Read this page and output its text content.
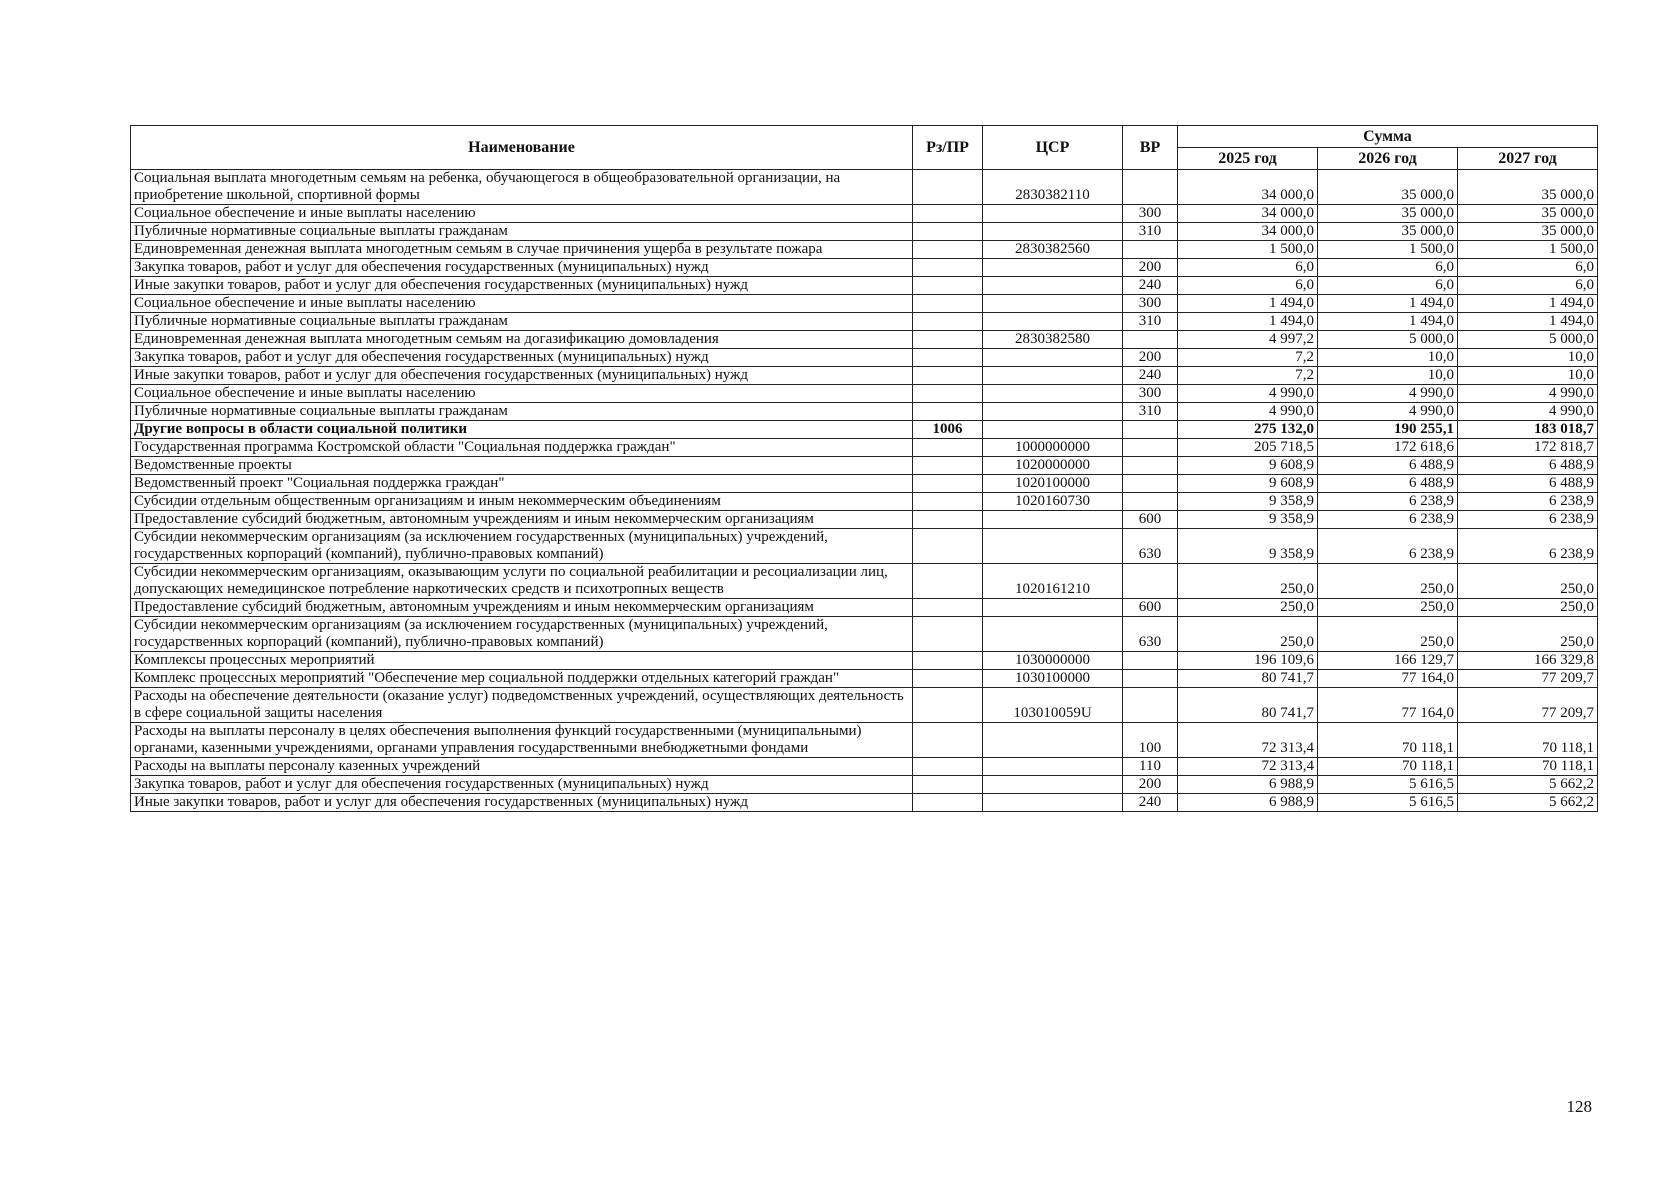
Наименование	Рз/ПР	ЦСР	ВР	Сумма		
				2025 год	2026 год	2027 год
Социальная выплата многодетным семьям на ребенка, обучающегося в общеобразовательной организации, на приобретение школьной, спортивной формы		2830382110		34 000,0	35 000,0	35 000,0
Социальное обеспечение и иные выплаты населению			300	34 000,0	35 000,0	35 000,0
Публичные нормативные социальные выплаты гражданам			310	34 000,0	35 000,0	35 000,0
Единовременная денежная выплата многодетным семьям в случае причинения ущерба в результате пожара		2830382560		1 500,0	1 500,0	1 500,0
Закупка товаров, работ и услуг для обеспечения государственных (муниципальных) нужд			200	6,0	6,0	6,0
Иные закупки товаров, работ и услуг для обеспечения государственных (муниципальных) нужд			240	6,0	6,0	6,0
Социальное обеспечение и иные выплаты населению			300	1 494,0	1 494,0	1 494,0
Публичные нормативные социальные выплаты гражданам			310	1 494,0	1 494,0	1 494,0
Единовременная денежная выплата многодетным семьям на догазификацию домовладения		2830382580		4 997,2	5 000,0	5 000,0
Закупка товаров, работ и услуг для обеспечения государственных (муниципальных) нужд			200	7,2	10,0	10,0
Иные закупки товаров, работ и услуг для обеспечения государственных (муниципальных) нужд			240	7,2	10,0	10,0
Социальное обеспечение и иные выплаты населению			300	4 990,0	4 990,0	4 990,0
Публичные нормативные социальные выплаты гражданам			310	4 990,0	4 990,0	4 990,0
Другие вопросы в области социальной политики	1006			275 132,0	190 255,1	183 018,7
Государственная программа Костромской области "Социальная поддержка граждан"		1000000000		205 718,5	172 618,6	172 818,7
Ведомственные проекты		1020000000		9 608,9	6 488,9	6 488,9
Ведомственный проект "Социальная поддержка граждан"		1020100000		9 608,9	6 488,9	6 488,9
Субсидии отдельным общественным организациям и иным некоммерческим объединениям		1020160730		9 358,9	6 238,9	6 238,9
Предоставление субсидий бюджетным, автономным учреждениям и иным некоммерческим организациям			600	9 358,9	6 238,9	6 238,9
Субсидии некоммерческим организациям (за исключением государственных (муниципальных) учреждений, государственных корпораций (компаний), публично-правовых компаний)			630	9 358,9	6 238,9	6 238,9
Субсидии некоммерческим организациям, оказывающим услуги по социальной реабилитации и ресоциализации лиц, допускающих немедицинское потребление наркотических средств и психотропных веществ		1020161210		250,0	250,0	250,0
Предоставление субсидий бюджетным, автономным учреждениям и иным некоммерческим организациям			600	250,0	250,0	250,0
Субсидии некоммерческим организациям (за исключением государственных (муниципальных) учреждений, государственных корпораций (компаний), публично-правовых компаний)			630	250,0	250,0	250,0
Комплексы процессных мероприятий		1030000000		196 109,6	166 129,7	166 329,8
Комплекс процессных мероприятий "Обеспечение мер социальной поддержки отдельных категорий граждан"		1030100000		80 741,7	77 164,0	77 209,7
Расходы на обеспечение деятельности (оказание услуг) подведомственных учреждений, осуществляющих деятельность в сфере социальной защиты населения		103010059U		80 741,7	77 164,0	77 209,7
Расходы на выплаты персоналу в целях обеспечения выполнения функций государственными (муниципальными) органами, казенными учреждениями, органами управления государственными внебюджетными фондами			100	72 313,4	70 118,1	70 118,1
Расходы на выплаты персоналу казенных учреждений			110	72 313,4	70 118,1	70 118,1
Закупка товаров, работ и услуг для обеспечения государственных (муниципальных) нужд			200	6 988,9	5 616,5	5 662,2
Иные закупки товаров, работ и услуг для обеспечения государственных (муниципальных) нужд			240	6 988,9	5 616,5	5 662,2
128
